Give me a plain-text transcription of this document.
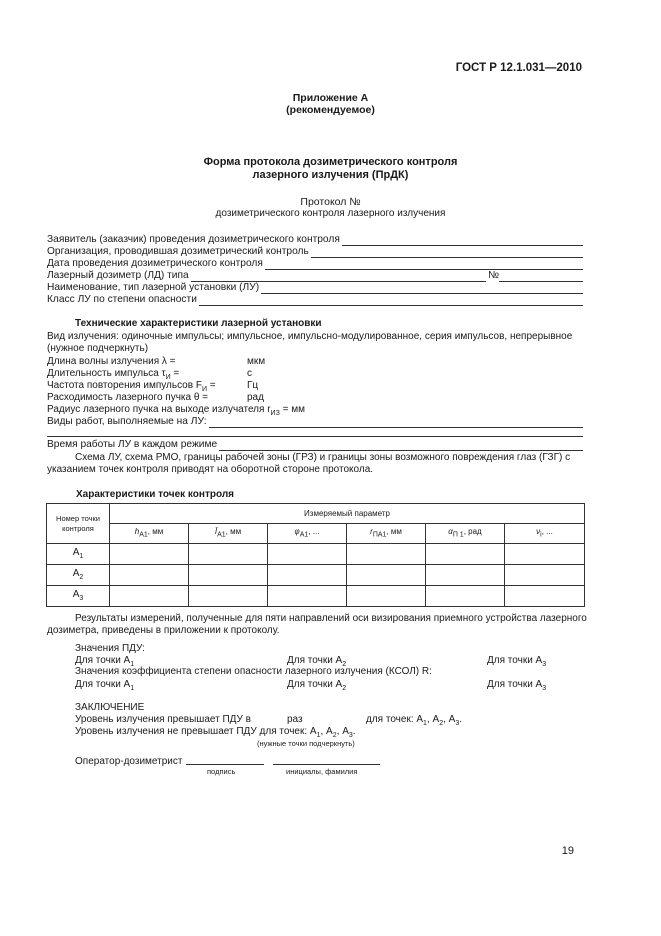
ГОСТ Р 12.1.031—2010
Приложение А
(рекомендуемое)
Форма протокола дозиметрического контроля
лазерного излучения (ПрДК)
Протокол №
дозиметрического контроля лазерного излучения
Заявитель (заказчик) проведения дозиметрического контроля
Организация, проводившая дозиметрический контроль
Дата проведения дозиметрического контроля
Лазерный дозиметр (ЛД) типа	№
Наименование, тип лазерной установки (ЛУ)
Класс ЛУ по степени опасности
Технические характеристики лазерной установки
Вид излучения: одиночные импульсы; импульсное, импульсно-модулированное, серия импульсов, непрерывное
(нужное подчеркнуть)
Длина волны излучения λ =	мкм
Длительность импульса $\tau_И$ =	с
Частота повторения импульсов $F_И$ =	Гц
Расходимость лазерного пучка θ =	рад
Радиус лазерного пучка на выходе излучателя $r_{ИЗ}$ = мм
Виды работ, выполняемые на ЛУ:
Время работы ЛУ в каждом режиме
Схема ЛУ, схема РМО, границы рабочей зоны (ГРЗ) и границы зоны возможного повреждения глаз (ГЗГ) с
указанием точек контроля приводят на оборотной стороне протокола.
Характеристики точек контроля
Номер точки контроля	Измеряемый параметр					
	$h_{A1}$, мм	$Ī_{A1}$, мм	$\varphi_{A1}$, ...	$r_{ПА1}$, мм	$\alpha_{П 1}$, рад	$\nu_i$, ...
$A_1$						
$A_2$						
$A_3$						
Результаты измерений, полученные для пяти направлений оси визирования приемного устройства лазерного
дозиметра, приведены в приложении к протоколу.
Значения ПДУ:
Для точки $A_1$	Для точки $A_2$	Для точки $A_3$
Значения коэффициента степени опасности лазерного излучения (КСОЛ) R:
Для точки $A_1$	Для точки $A_2$	Для точки $A_3$
ЗАКЛЮЧЕНИЕ
Уровень излучения превышает ПДУ в	раз	для точек: $А_1$, $А_2$, $А_3$.
Уровень излучения не превышает ПДУ для точек: $А_1$, $А_2$, $А_3$.
(нужные точки подчеркнуть)
Оператор-дозиметрист
подпись	инициалы, фамилия
19
